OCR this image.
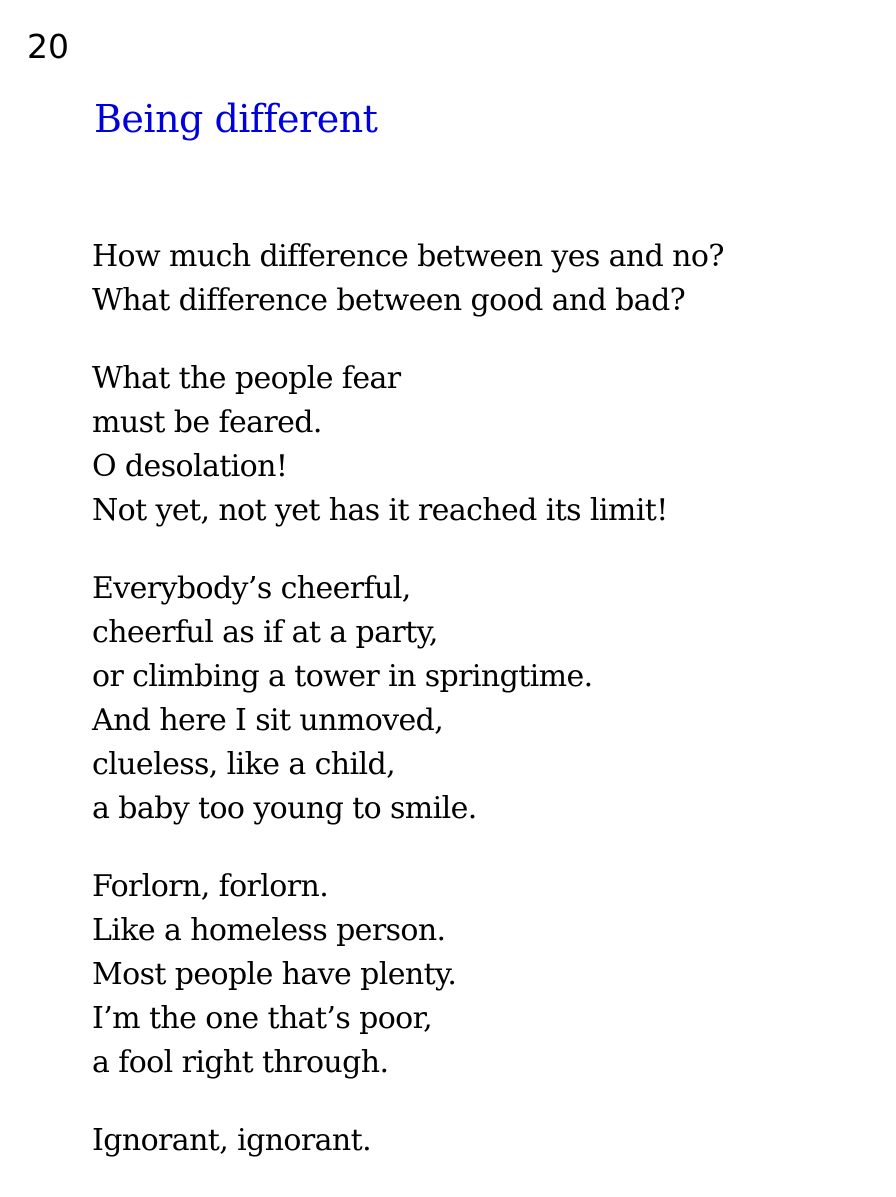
20
Being different
How much difference between yes and no?
What difference between good and bad?
What the people fear
must be feared.
O desolation!
Not yet, not yet has it reached its limit!
Everybody’s cheerful,
cheerful as if at a party,
or climbing a tower in springtime.
And here I sit unmoved,
clueless, like a child,
a baby too young to smile.
Forlorn, forlorn.
Like a homeless person.
Most people have plenty.
I’m the one that’s poor,
a fool right through.
Ignorant, ignorant.
